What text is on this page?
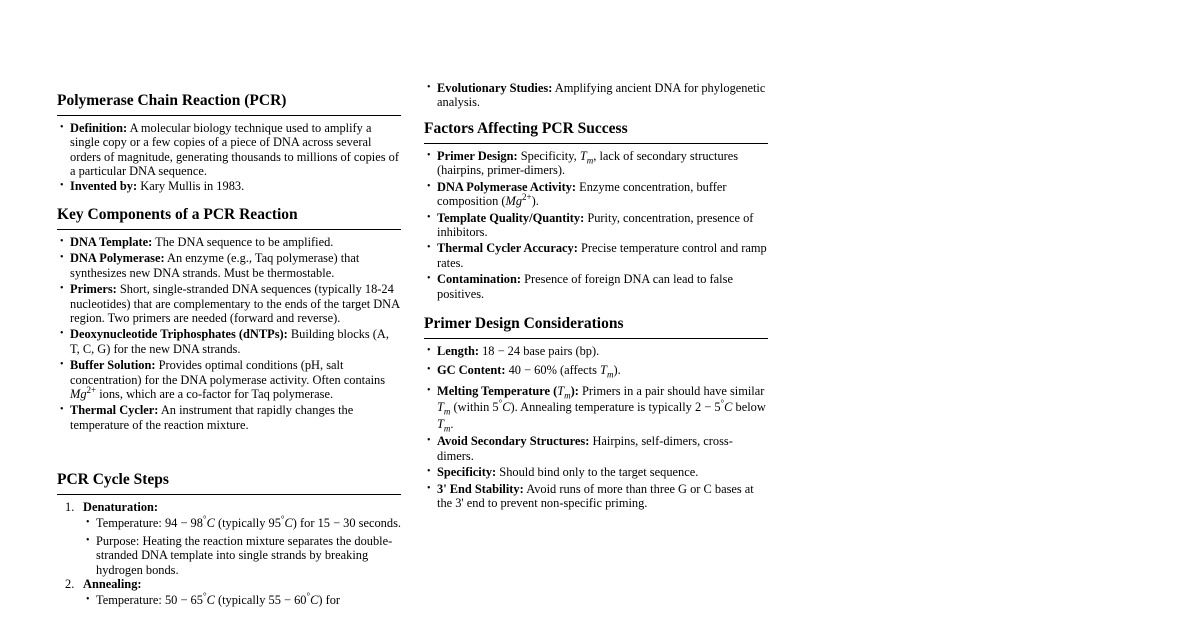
Polymerase Chain Reaction (PCR)
• Definition: A molecular biology technique used to amplify a single copy or a few copies of a piece of DNA across several orders of magnitude, generating thousands to millions of copies of a particular DNA sequence.
• Invented by: Kary Mullis in 1983.
Key Components of a PCR Reaction
• DNA Template: The DNA sequence to be amplified.
• DNA Polymerase: An enzyme (e.g., Taq polymerase) that synthesizes new DNA strands. Must be thermostable.
• Primers: Short, single-stranded DNA sequences (typically 18-24 nucleotides) that are complementary to the ends of the target DNA region. Two primers are needed (forward and reverse).
• Deoxynucleotide Triphosphates (dNTPs): Building blocks (A, T, C, G) for the new DNA strands.
• Buffer Solution: Provides optimal conditions (pH, salt concentration) for the DNA polymerase activity. Often contains $Mg^{2+}$ ions, which are a co-factor for Taq polymerase.
• Thermal Cycler: An instrument that rapidly changes the temperature of the reaction mixture.
PCR Cycle Steps
1. Denaturation:
• Temperature: 94 − 98°C (typically 95°C) for 15 − 30 seconds.
• Purpose: Heating the reaction mixture separates the double-stranded DNA template into single strands by breaking hydrogen bonds.
2. Annealing:
• Temperature: 50 − 65°C (typically 55 − 60°C) for
• Evolutionary Studies: Amplifying ancient DNA for phylogenetic analysis.
Factors Affecting PCR Success
• Primer Design: Specificity, $T_m$, lack of secondary structures (hairpins, primer-dimers).
• DNA Polymerase Activity: Enzyme concentration, buffer composition $(Mg^{2+})$.
• Template Quality/Quantity: Purity, concentration, presence of inhibitors.
• Thermal Cycler Accuracy: Precise temperature control and ramp rates.
• Contamination: Presence of foreign DNA can lead to false positives.
Primer Design Considerations
• Length: 18 − 24 base pairs (bp).
• GC Content: 40 − 60% (affects $T_m$).
• Melting Temperature $(T_m)$: Primers in a pair should have similar $T_m$ (within 5°C). Annealing temperature is typically 2 − 5°C below $T_m$.
• Avoid Secondary Structures: Hairpins, self-dimers, cross-dimers.
• Specificity: Should bind only to the target sequence.
• 3' End Stability: Avoid runs of more than three G or C bases at the 3' end to prevent non-specific priming.
